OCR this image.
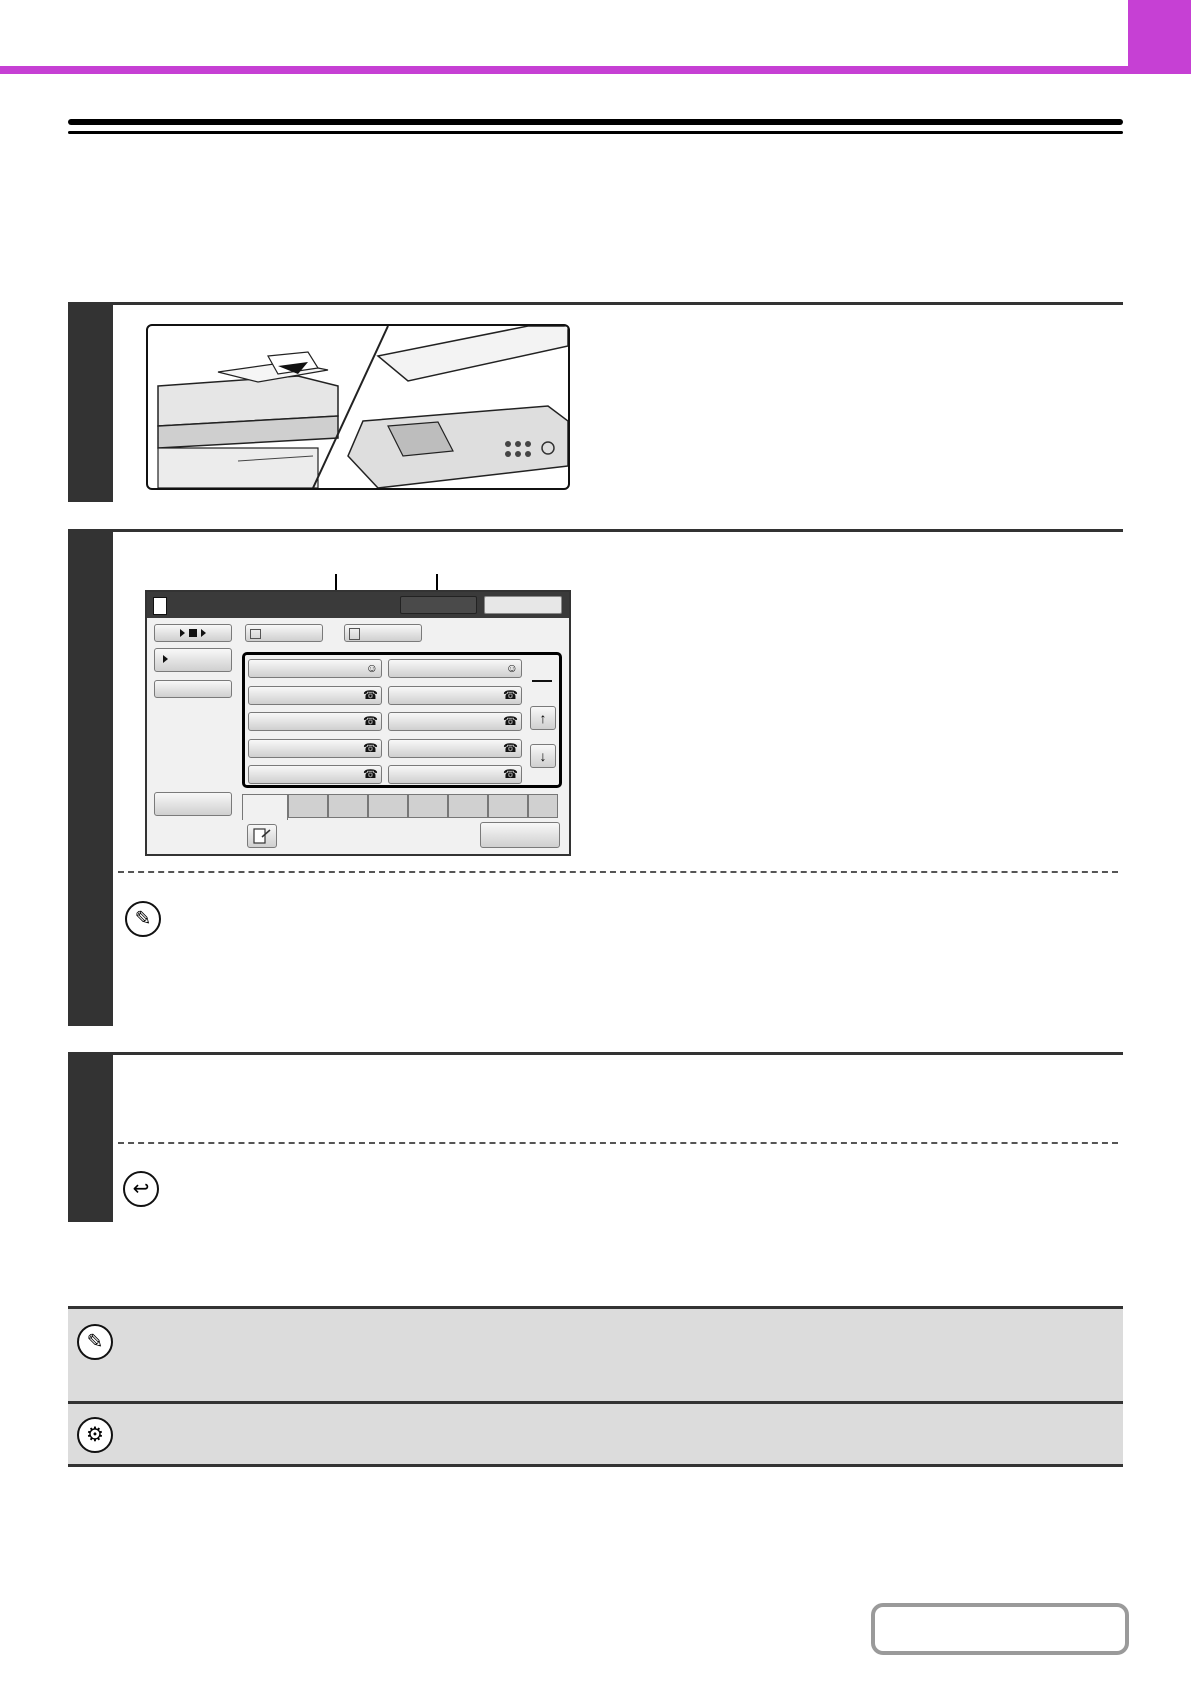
☺
☎
☎
☎
☎
☺
☎
☎
☎
☎
↑
↓
✎
↩
✎
⚙
